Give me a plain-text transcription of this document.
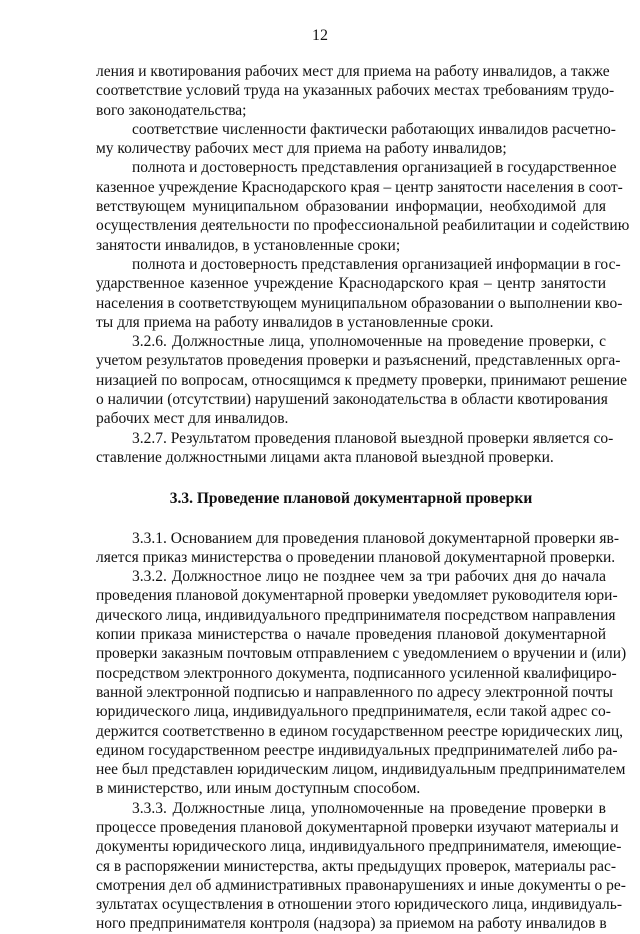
12
ления и квотирования рабочих мест для приема на работу инвалидов, а также
соответствие условий труда на указанных рабочих местах требованиям трудо-
вого законодательства;
соответствие численности фактически работающих инвалидов расчетно-
му количеству рабочих мест для приема на работу инвалидов;
полнота и достоверность представления организацией в государственное
казенное учреждение Краснодарского края – центр занятости населения в соот-
ветствующем муниципальном образовании информации, необходимой для
осуществления деятельности по профессиональной реабилитации и содействию
занятости инвалидов, в установленные сроки;
полнота и достоверность представления организацией информации в гос-
ударственное казенное учреждение Краснодарского края – центр занятости
населения в соответствующем муниципальном образовании о выполнении кво-
ты для приема на работу инвалидов в установленные сроки.
3.2.6. Должностные лица, уполномоченные на проведение проверки, с
учетом результатов проведения проверки и разъяснений, представленных орга-
низацией по вопросам, относящимся к предмету проверки, принимают решение
о наличии (отсутствии) нарушений законодательства в области квотирования
рабочих мест для инвалидов.
3.2.7. Результатом проведения плановой выездной проверки является со-
ставление должностными лицами акта плановой выездной проверки.
3.3. Проведение плановой документарной проверки
3.3.1. Основанием для проведения плановой документарной проверки яв-
ляется приказ министерства о проведении плановой документарной проверки.
3.3.2. Должностное лицо не позднее чем за три рабочих дня до начала
проведения плановой документарной проверки уведомляет руководителя юри-
дического лица, индивидуального предпринимателя посредством направления
копии приказа министерства о начале проведения плановой документарной
проверки заказным почтовым отправлением с уведомлением о вручении и (или)
посредством электронного документа, подписанного усиленной квалифициро-
ванной электронной подписью и направленного по адресу электронной почты
юридического лица, индивидуального предпринимателя, если такой адрес со-
держится соответственно в едином государственном реестре юридических лиц,
едином государственном реестре индивидуальных предпринимателей либо ра-
нее был представлен юридическим лицом, индивидуальным предпринимателем
в министерство, или иным доступным способом.
3.3.3. Должностные лица, уполномоченные на проведение проверки в
процессе проведения плановой документарной проверки изучают материалы и
документы юридического лица, индивидуального предпринимателя, имеющие-
ся в распоряжении министерства, акты предыдущих проверок, материалы рас-
смотрения дел об административных правонарушениях и иные документы о ре-
зультатах осуществления в отношении этого юридического лица, индивидуаль-
ного предпринимателя контроля (надзора) за приемом на работу инвалидов в
